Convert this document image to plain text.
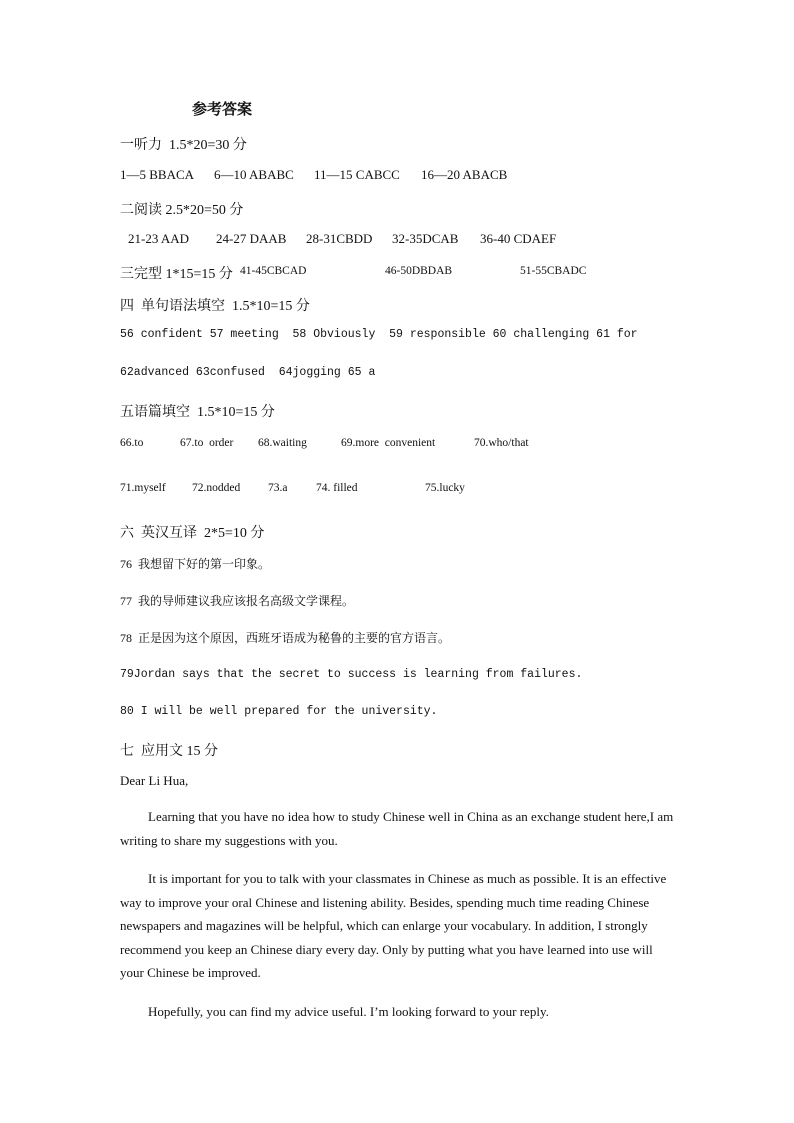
参考答案
一听力  1.5*20=30 分
1—5 BBACA 6—10 ABABC 11—15 CABCC 16—20 ABACB
二阅读 2.5*20=50 分
21-23 AAD 24-27 DAAB 28-31CBDD 32-35DCAB 36-40 CDAEF
三完型 1*15=15 分 41-45CBCAD	46-50DBDAB	51-55CBADC
四  单句语法填空  1.5*10=15 分
56 confident 57 meeting  58 Obviously  59 responsible 60 challenging 61 for
62advanced 63confused  64jogging 65 a
五语篇填空  1.5*10=15 分
66.to	67.to  order 68.waiting	69.more  convenient	70.who/that
71.myself 72.nodded 73.a 74. filled	75.lucky
六  英汉互译  2*5=10 分
76  我想留下好的第一印象。
77  我的导师建议我应该报名高级文学课程。
78  正是因为这个原因，西班牙语成为秘鲁的主要的官方语言。
79Jordan says that the secret to success is learning from failures.
80 I will be well prepared for the university.
七  应用文 15 分
Dear Li Hua,
Learning that you have no idea how to study Chinese well in China as an exchange student here,I am writing to share my suggestions with you.
It is important for you to talk with your classmates in Chinese as much as possible. It is an effective way to improve your oral Chinese and listening ability. Besides, spending much time reading Chinese newspapers and magazines will be helpful, which can enlarge your vocabulary. In addition, I strongly recommend you keep an Chinese diary every day. Only by putting what you have learned into use will your Chinese be improved.
Hopefully, you can find my advice useful. I’m looking forward to your reply.
